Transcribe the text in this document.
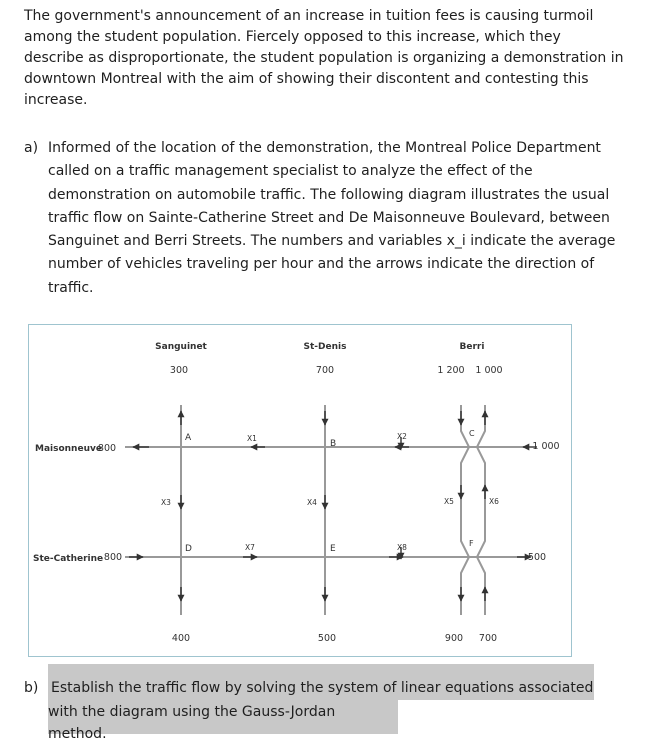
The government's announcement of an increase in tuition fees is causing turmoil among the student population. Fiercely opposed to this increase, which they describe as disproportionate, the student population is organizing a demonstration in downtown Montreal with the aim of showing their discontent and contesting this increase.

a) Informed of the location of the demonstration, the Montreal Police Department called on a traffic management specialist to analyze the effect of the demonstration on automobile traffic. The following diagram illustrates the usual traffic flow on Sainte-Catherine Street and De Maisonneuve Boulevard, between Sanguinet and Berri Streets. The numbers and variables x_i indicate the average number of vehicles traveling per hour and the arrows indicate the direction of traffic.
Sanguinet	St-Denis	Berri
Maisonneuve
Ste-Catherine
300	700	1 200 1 000
800	1 000
800	500
400	500	900 700
A
B
C
D	E
F
X1	X2
X3	X4	X5	X6
X7	X8
b) Establish the traffic flow by solving the system of linear equations associated
with the diagram using the Gauss-Jordan method.
